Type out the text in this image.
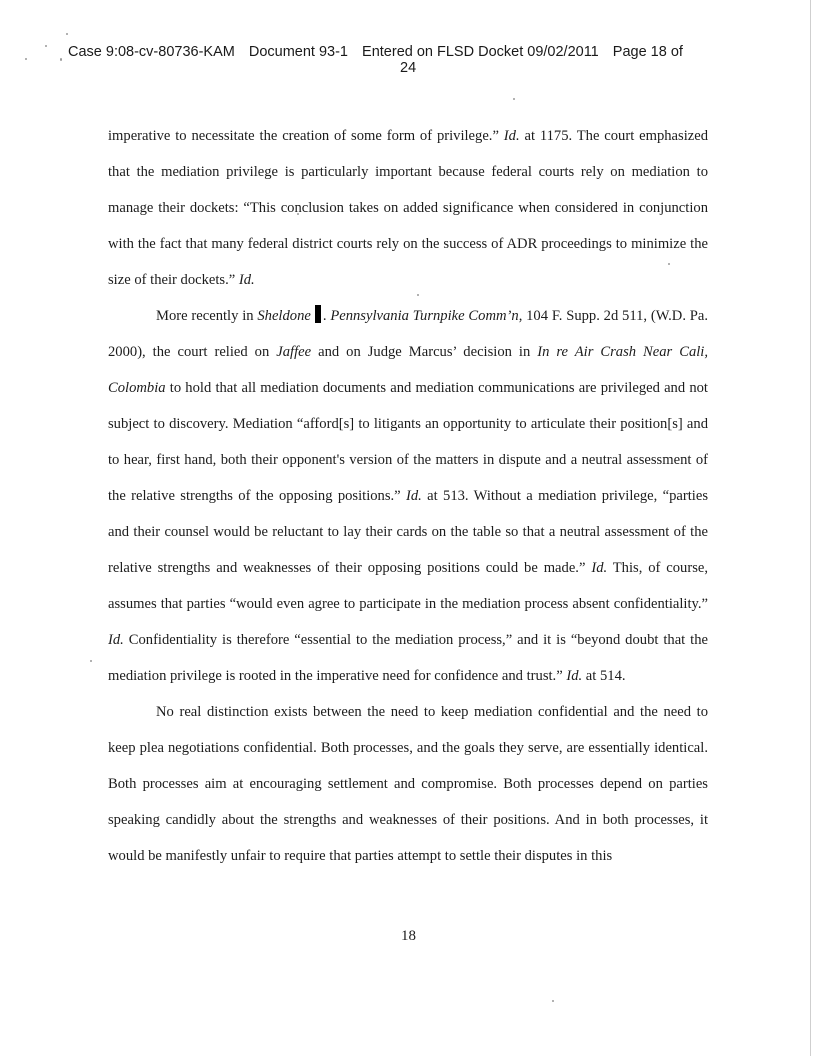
Case 9:08-cv-80736-KAM Document 93-1 Entered on FLSD Docket 09/02/2011 Page 18 of
24

imperative to necessitate the creation of some form of privilege.” Id. at 1175. The court emphasized that the mediation privilege is particularly important because federal courts rely on mediation to manage their dockets: “This conclusion takes on added significance when considered in conjunction with the fact that many federal district courts rely on the success of ADR proceedings to minimize the size of their dockets.” Id.

More recently in Sheldone . Pennsylvania Turnpike Comm’n, 104 F. Supp. 2d 511, (W.D. Pa. 2000), the court relied on Jaffee and on Judge Marcus’ decision in In re Air Crash Near Cali, Colombia to hold that all mediation documents and mediation communications are privileged and not subject to discovery. Mediation “afford[s] to litigants an opportunity to articulate their position[s] and to hear, first hand, both their opponent's version of the matters in dispute and a neutral assessment of the relative strengths of the opposing positions.” Id. at 513. Without a mediation privilege, “parties and their counsel would be reluctant to lay their cards on the table so that a neutral assessment of the relative strengths and weaknesses of their opposing positions could be made.” Id. This, of course, assumes that parties “would even agree to participate in the mediation process absent confidentiality.” Id. Confidentiality is therefore “essential to the mediation process,” and it is “beyond doubt that the mediation privilege is rooted in the imperative need for confidence and trust.” Id. at 514.

No real distinction exists between the need to keep mediation confidential and the need to keep plea negotiations confidential. Both processes, and the goals they serve, are essentially identical. Both processes aim at encouraging settlement and compromise. Both processes depend on parties speaking candidly about the strengths and weaknesses of their positions. And in both processes, it would be manifestly unfair to require that parties attempt to settle their disputes in this

18
